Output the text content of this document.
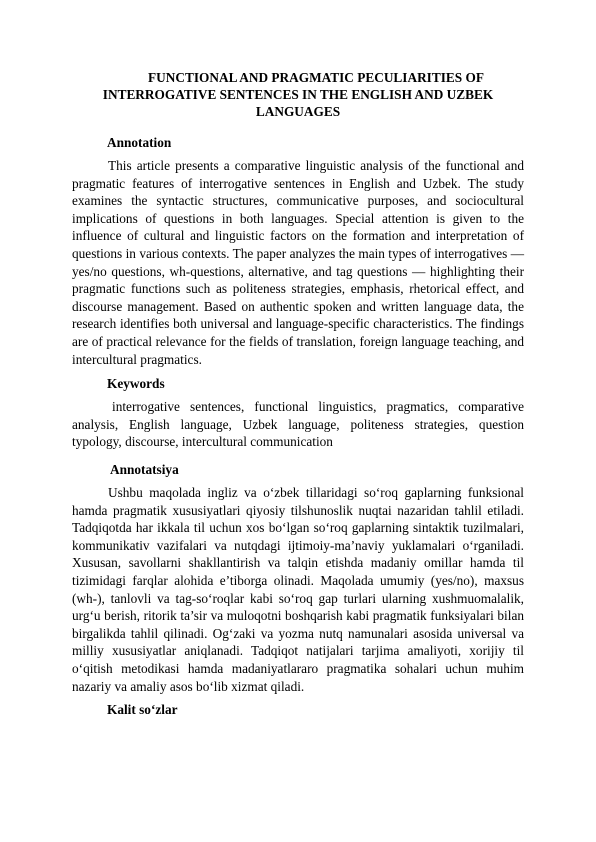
FUNCTIONAL AND PRAGMATIC PECULIARITIES OF INTERROGATIVE SENTENCES IN THE ENGLISH AND UZBEK LANGUAGES
Annotation

This article presents a comparative linguistic analysis of the functional and pragmatic features of interrogative sentences in English and Uzbek. The study examines the syntactic structures, communicative purposes, and sociocultural implications of questions in both languages. Special attention is given to the influence of cultural and linguistic factors on the formation and interpretation of questions in various contexts. The paper analyzes the main types of interrogatives — yes/no questions, wh-questions, alternative, and tag questions — highlighting their pragmatic functions such as politeness strategies, emphasis, rhetorical effect, and discourse management. Based on authentic spoken and written language data, the research identifies both universal and language-specific characteristics. The findings are of practical relevance for the fields of translation, foreign language teaching, and intercultural pragmatics.

Keywords

interrogative sentences, functional linguistics, pragmatics, comparative analysis, English language, Uzbek language, politeness strategies, question typology, discourse, intercultural communication

Annotatsiya

Ushbu maqolada ingliz va o‘zbek tillaridagi so‘roq gaplarning funksional hamda pragmatik xususiyatlari qiyosiy tilshunoslik nuqtai nazaridan tahlil etiladi. Tadqiqotda har ikkala til uchun xos bo‘lgan so‘roq gaplarning sintaktik tuzilmalari, kommunikativ vazifalari va nutqdagi ijtimoiy-ma’naviy yuklamalari o‘rganiladi. Xususan, savollarni shakllantirish va talqin etishda madaniy omillar hamda til tizimidagi farqlar alohida e’tiborga olinadi. Maqolada umumiy (yes/no), maxsus (wh-), tanlovli va tag-so‘roqlar kabi so‘roq gap turlari ularning xushmuomalalik, urg‘u berish, ritorik ta’sir va muloqotni boshqarish kabi pragmatik funksiyalari bilan birgalikda tahlil qilinadi. Og‘zaki va yozma nutq namunalari asosida universal va milliy xususiyatlar aniqlanadi. Tadqiqot natijalari tarjima amaliyoti, xorijiy til o‘qitish metodikasi hamda madaniyatlararo pragmatika sohalari uchun muhim nazariy va amaliy asos bo‘lib xizmat qiladi.

Kalit so‘zlar
